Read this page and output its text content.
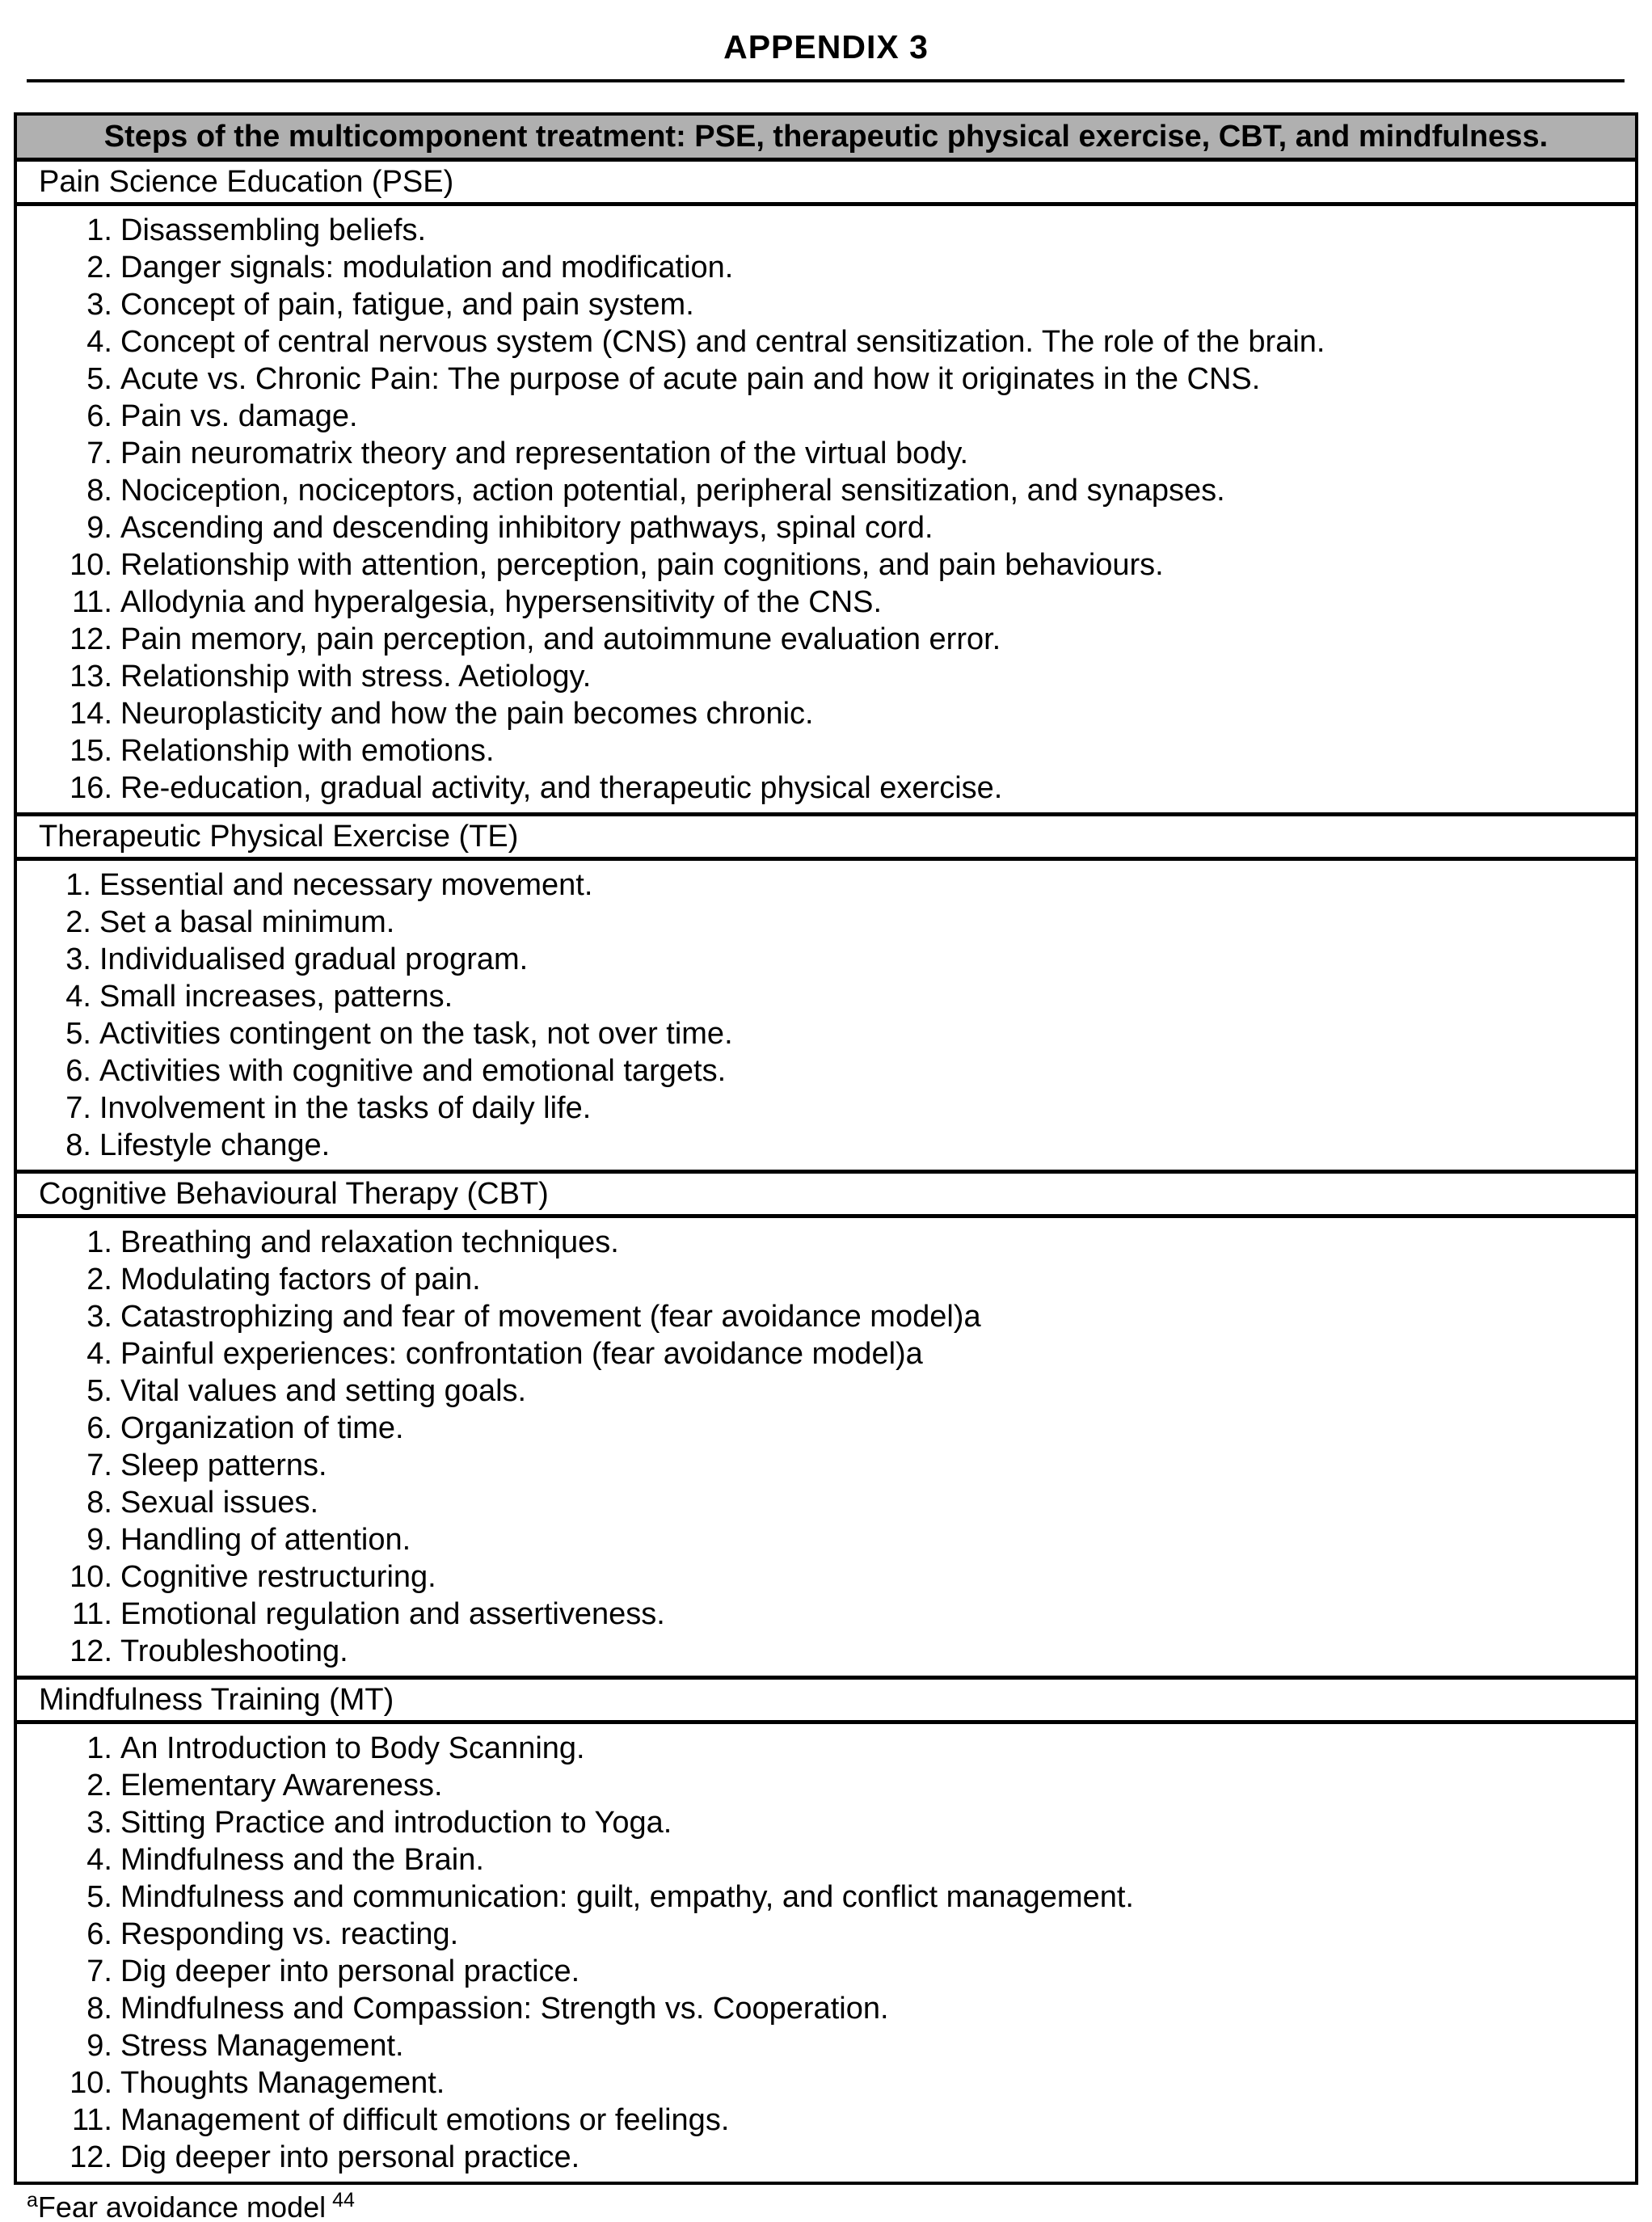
APPENDIX 3
Steps of the multicomponent treatment: PSE, therapeutic physical exercise, CBT, and mindfulness.
Pain Science Education (PSE)
1. Disassembling beliefs.
2. Danger signals: modulation and modification.
3. Concept of pain, fatigue, and pain system.
4. Concept of central nervous system (CNS) and central sensitization. The role of the brain.
5. Acute vs. Chronic Pain: The purpose of acute pain and how it originates in the CNS.
6. Pain vs. damage.
7. Pain neuromatrix theory and representation of the virtual body.
8. Nociception, nociceptors, action potential, peripheral sensitization, and synapses.
9. Ascending and descending inhibitory pathways, spinal cord.
10. Relationship with attention, perception, pain cognitions, and pain behaviours.
11. Allodynia and hyperalgesia, hypersensitivity of the CNS.
12. Pain memory, pain perception, and autoimmune evaluation error.
13. Relationship with stress. Aetiology.
14. Neuroplasticity and how the pain becomes chronic.
15. Relationship with emotions.
16. Re-education, gradual activity, and therapeutic physical exercise.
Therapeutic Physical Exercise (TE)
1. Essential and necessary movement.
2. Set a basal minimum.
3. Individualised gradual program.
4. Small increases, patterns.
5. Activities contingent on the task, not over time.
6. Activities with cognitive and emotional targets.
7. Involvement in the tasks of daily life.
8. Lifestyle change.
Cognitive Behavioural Therapy (CBT)
1. Breathing and relaxation techniques.
2. Modulating factors of pain.
3. Catastrophizing and fear of movement (fear avoidance model)a
4. Painful experiences: confrontation (fear avoidance model)a
5. Vital values and setting goals.
6. Organization of time.
7. Sleep patterns.
8. Sexual issues.
9. Handling of attention.
10. Cognitive restructuring.
11. Emotional regulation and assertiveness.
12. Troubleshooting.
Mindfulness Training (MT)
1. An Introduction to Body Scanning.
2. Elementary Awareness.
3. Sitting Practice and introduction to Yoga.
4. Mindfulness and the Brain.
5. Mindfulness and communication: guilt, empathy, and conflict management.
6. Responding vs. reacting.
7. Dig deeper into personal practice.
8. Mindfulness and Compassion: Strength vs. Cooperation.
9. Stress Management.
10. Thoughts Management.
11. Management of difficult emotions or feelings.
12. Dig deeper into personal practice.
$^a$Fear avoidance model $^{44}$
